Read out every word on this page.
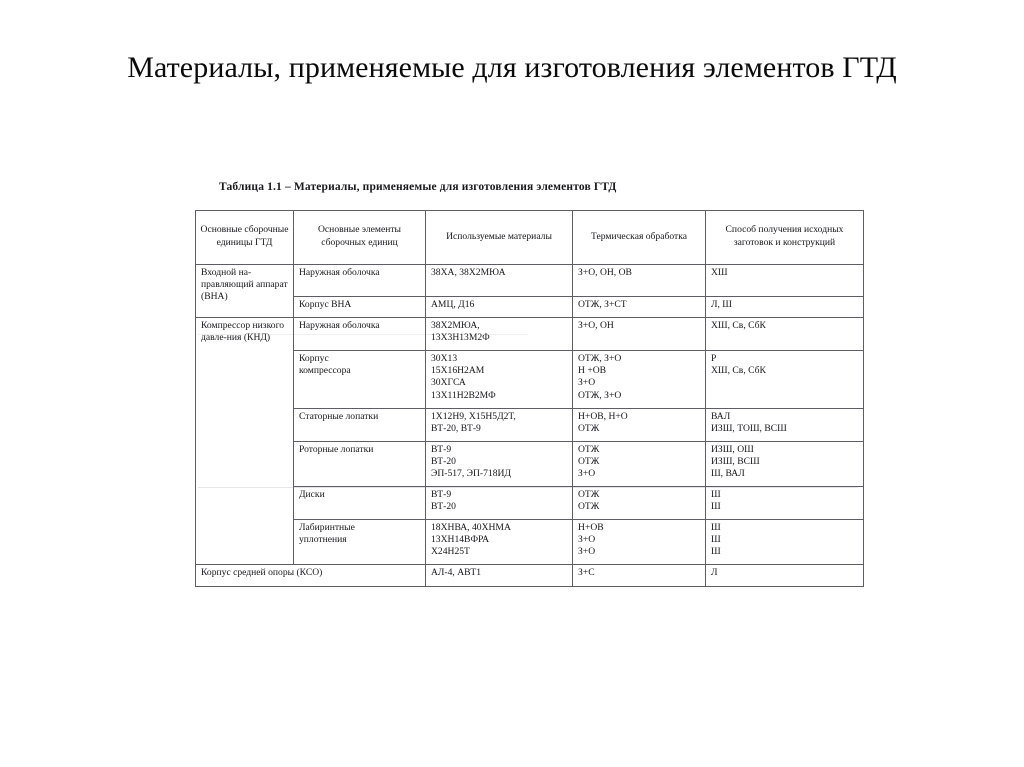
Материалы, применяемые для изготовления элементов ГТД
Таблица 1.1 – Материалы, применяемые для изготовления элементов ГТД
Основные сборочные единицы ГТД	Основные элементы сборочных единиц	Используемые материалы	Термическая обработка	Способ получения исходных заготовок и конструкций
Входной на-правляющий аппарат (ВНА)	Наружная оболочка	38ХА, 38Х2МЮА	З+О, ОН, ОВ	ХШ

	Корпус ВНА	АМЦ, Д16	ОТЖ, З+СТ	Л, Ш

Компрессор низкого давле-ния (КНД)	Наружная оболочка	38Х2МЮА,
13Х3Н13М2Ф	З+О, ОН	ХШ, Св, СбК

	Корпус
компрессора	30Х13
15Х16Н2АМ
30ХГСА
13Х11Н2В2МФ	ОТЖ, З+О
Н +ОВ
З+О
ОТЖ, З+О	Р
ХШ, Св, СбК

	Статорные лопатки	1Х12Н9, Х15Н5Д2Т,
ВТ-20, ВТ-9	Н+ОВ, Н+О
ОТЖ	ВАЛ
ИЗШ, ТОШ, ВСШ

	Роторные лопатки	ВТ-9
ВТ-20
ЭП-517, ЭП-718ИД	ОТЖ
ОТЖ
З+О	ИЗШ, ОШ
ИЗШ, ВСШ
Ш, ВАЛ

	Диски	ВТ-9
ВТ-20	ОТЖ
ОТЖ	Ш
Ш

	Лабиринтные
уплотнения	18ХНВА, 40ХНМА
13ХН14ВФРА
Х24Н25Т	Н+ОВ
З+О
З+О	Ш
Ш
Ш

Корпус средней опоры (КСО)		АЛ-4, АВТ1	З+С	Л
